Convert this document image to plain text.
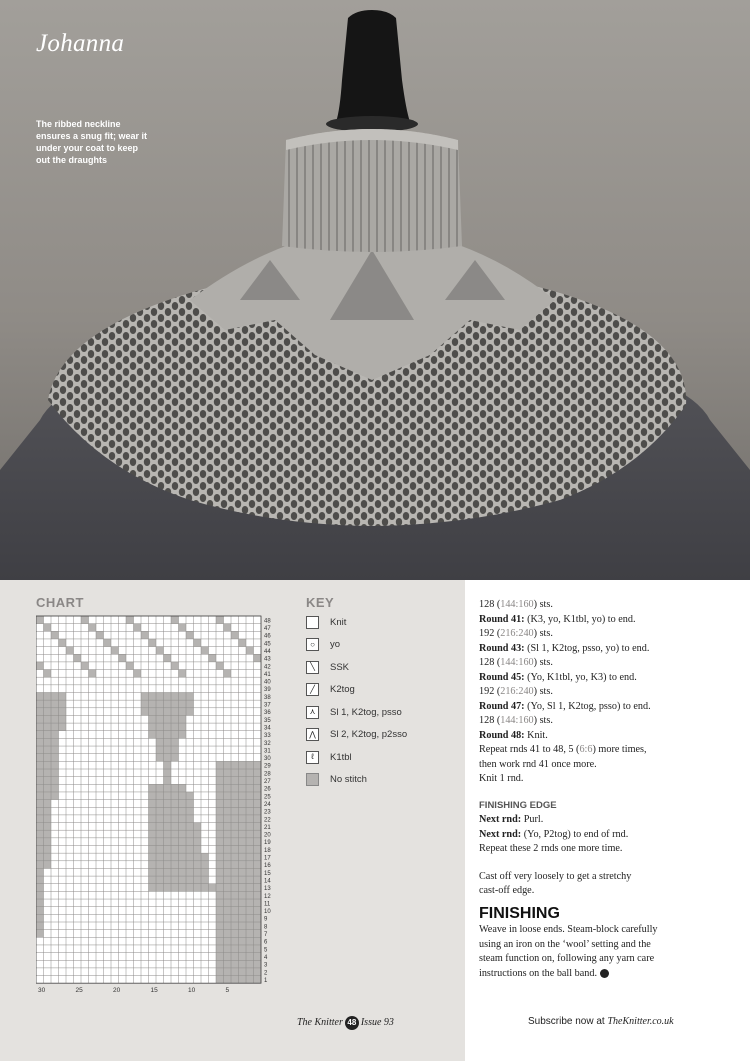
Johanna
The ribbed neckline ensures a snug fit; wear it under your coat to keep out the draughts
CHART	KEY
48
47
46
45
44
43
42
41
40
39
38
37
36
35
34
33
32
31
30
29
28
27
26
25
24
23
22
21
20
19
18
17
16
15
14
13
12
11
10
9
8
7
6
5
4
3
2
1
30	25	20	15	10	5
Knit
○	yo
╲	SSK
╱	K2tog
⋏	Sl 1, K2tog, psso
⋀	Sl 2, K2tog, p2sso
ℓ	K1tbl
No stitch
128 (144:160) sts.
Round 41: (K3, yo, K1tbl, yo) to end.
192 (216:240) sts.
Round 43: (Sl 1, K2tog, psso, yo) to end.
128 (144:160) sts.
Round 45: (Yo, K1tbl, yo, K3) to end.
192 (216:240) sts.
Round 47: (Yo, Sl 1, K2tog, psso) to end.
128 (144:160) sts.
Round 48: Knit.
Repeat rnds 41 to 48, 5 (6:6) more times,
then work rnd 41 once more.
Knit 1 rnd.
FINISHING EDGE
Next rnd: Purl.
Next rnd: (Yo, P2tog) to end of rnd.
Repeat these 2 rnds one more time.
Cast off very loosely to get a stretchy
cast-off edge.
FINISHING
Weave in loose ends. Steam-block carefully
using an iron on the ‘wool’ setting and the
steam function on, following any yarn care
instructions on the ball band.
The Knitter 48 Issue 93	Subscribe now at TheKnitter.co.uk
